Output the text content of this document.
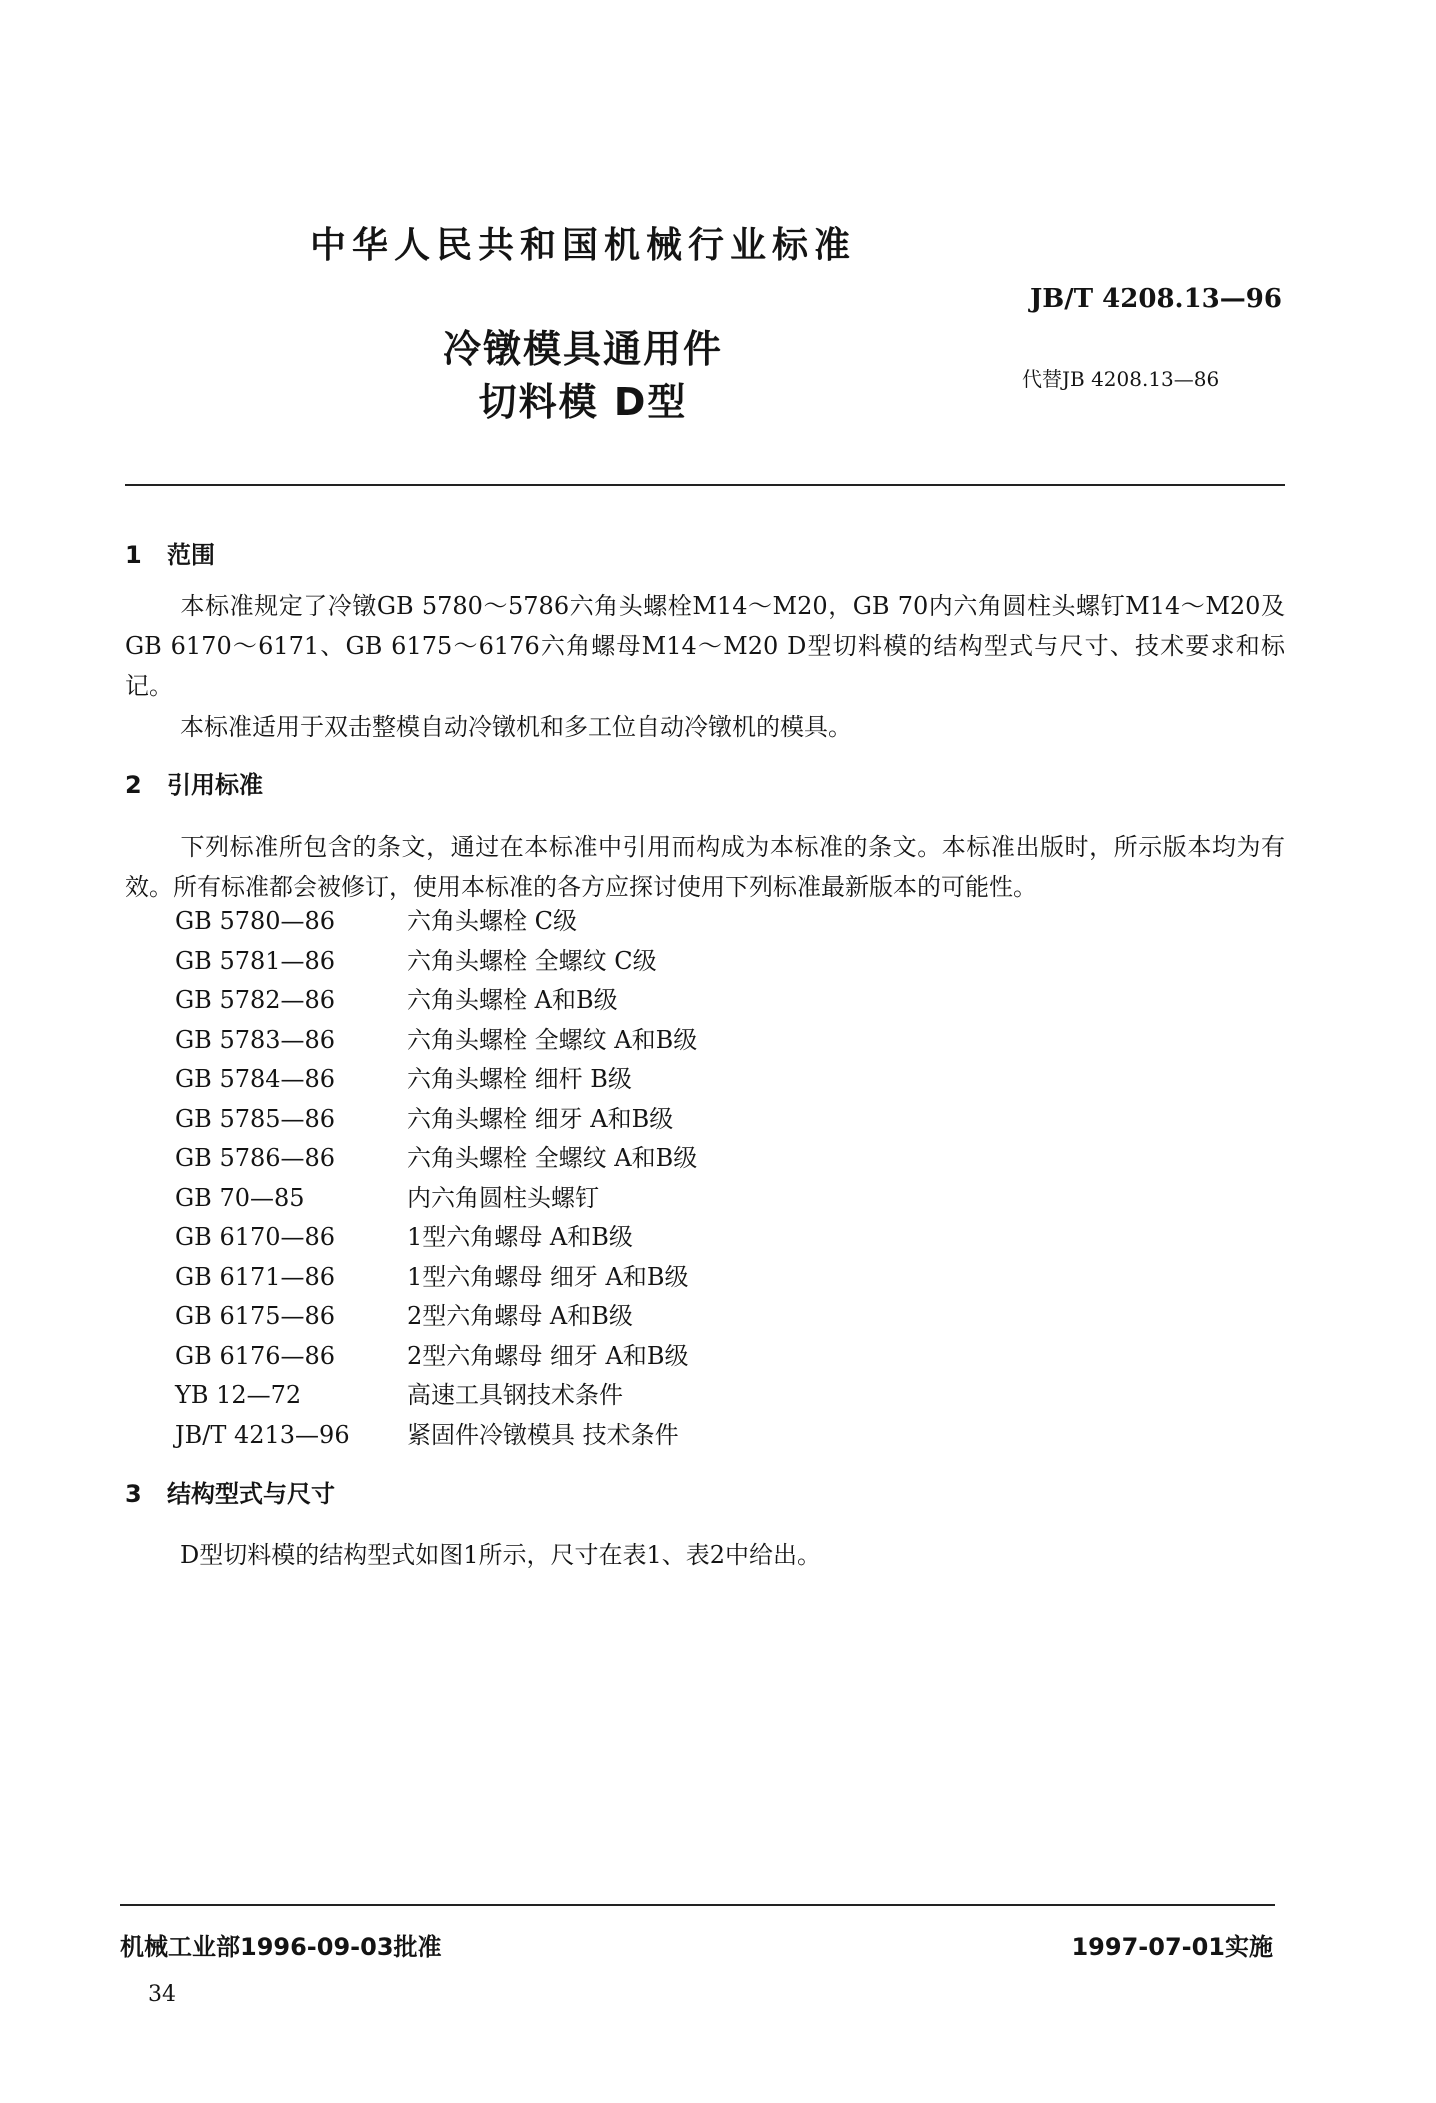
中华人民共和国机械行业标准
JB/T 4208.13—96
冷镦模具通用件
代替JB 4208.13—86
切料模 D型
1 范围
本标准规定了冷镦GB 5780～5786六角头螺栓M14～M20，GB 70内六角圆柱头螺钉M14～M20及GB 6170～6171、GB 6175～6176六角螺母M14～M20 D型切料模的结构型式与尺寸、技术要求和标记。
本标准适用于双击整模自动冷镦机和多工位自动冷镦机的模具。
2 引用标准
下列标准所包含的条文，通过在本标准中引用而构成为本标准的条文。本标准出版时，所示版本均为有效。所有标准都会被修订，使用本标准的各方应探讨使用下列标准最新版本的可能性。
GB 5780—86	六角头螺栓 C级
GB 5781—86	六角头螺栓 全螺纹 C级
GB 5782—86	六角头螺栓 A和B级
GB 5783—86	六角头螺栓 全螺纹 A和B级
GB 5784—86	六角头螺栓 细杆 B级
GB 5785—86	六角头螺栓 细牙 A和B级
GB 5786—86	六角头螺栓 全螺纹 A和B级
GB 70—85	内六角圆柱头螺钉
GB 6170—86	1型六角螺母 A和B级
GB 6171—86	1型六角螺母 细牙 A和B级
GB 6175—86	2型六角螺母 A和B级
GB 6176—86	2型六角螺母 细牙 A和B级
YB 12—72	高速工具钢技术条件
JB/T 4213—96 紧固件冷镦模具 技术条件
3 结构型式与尺寸
D型切料模的结构型式如图1所示，尺寸在表1、表2中给出。
机械工业部1996-09-03批准	1997-07-01实施
34
